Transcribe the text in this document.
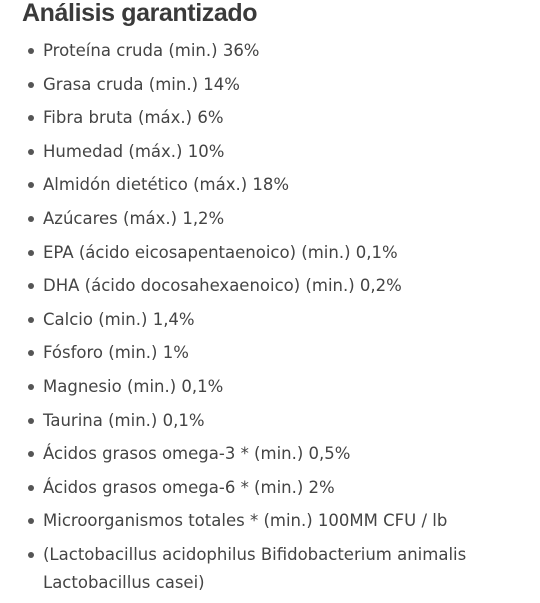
Análisis garantizado
Proteína cruda (min.) 36%
Grasa cruda (min.) 14%
Fibra bruta (máx.) 6%
Humedad (máx.) 10%
Almidón dietético (máx.) 18%
Azúcares (máx.) 1,2%
EPA (ácido eicosapentaenoico) (min.) 0,1%
DHA (ácido docosahexaenoico) (min.) 0,2%
Calcio (min.) 1,4%
Fósforo (min.) 1%
Magnesio (min.) 0,1%
Taurina (min.) 0,1%
Ácidos grasos omega-3 * (min.) 0,5%
Ácidos grasos omega-6 * (min.) 2%
Microorganismos totales * (min.) 100MM CFU / lb
(Lactobacillus acidophilus Bifidobacterium animalis Lactobacillus casei)
